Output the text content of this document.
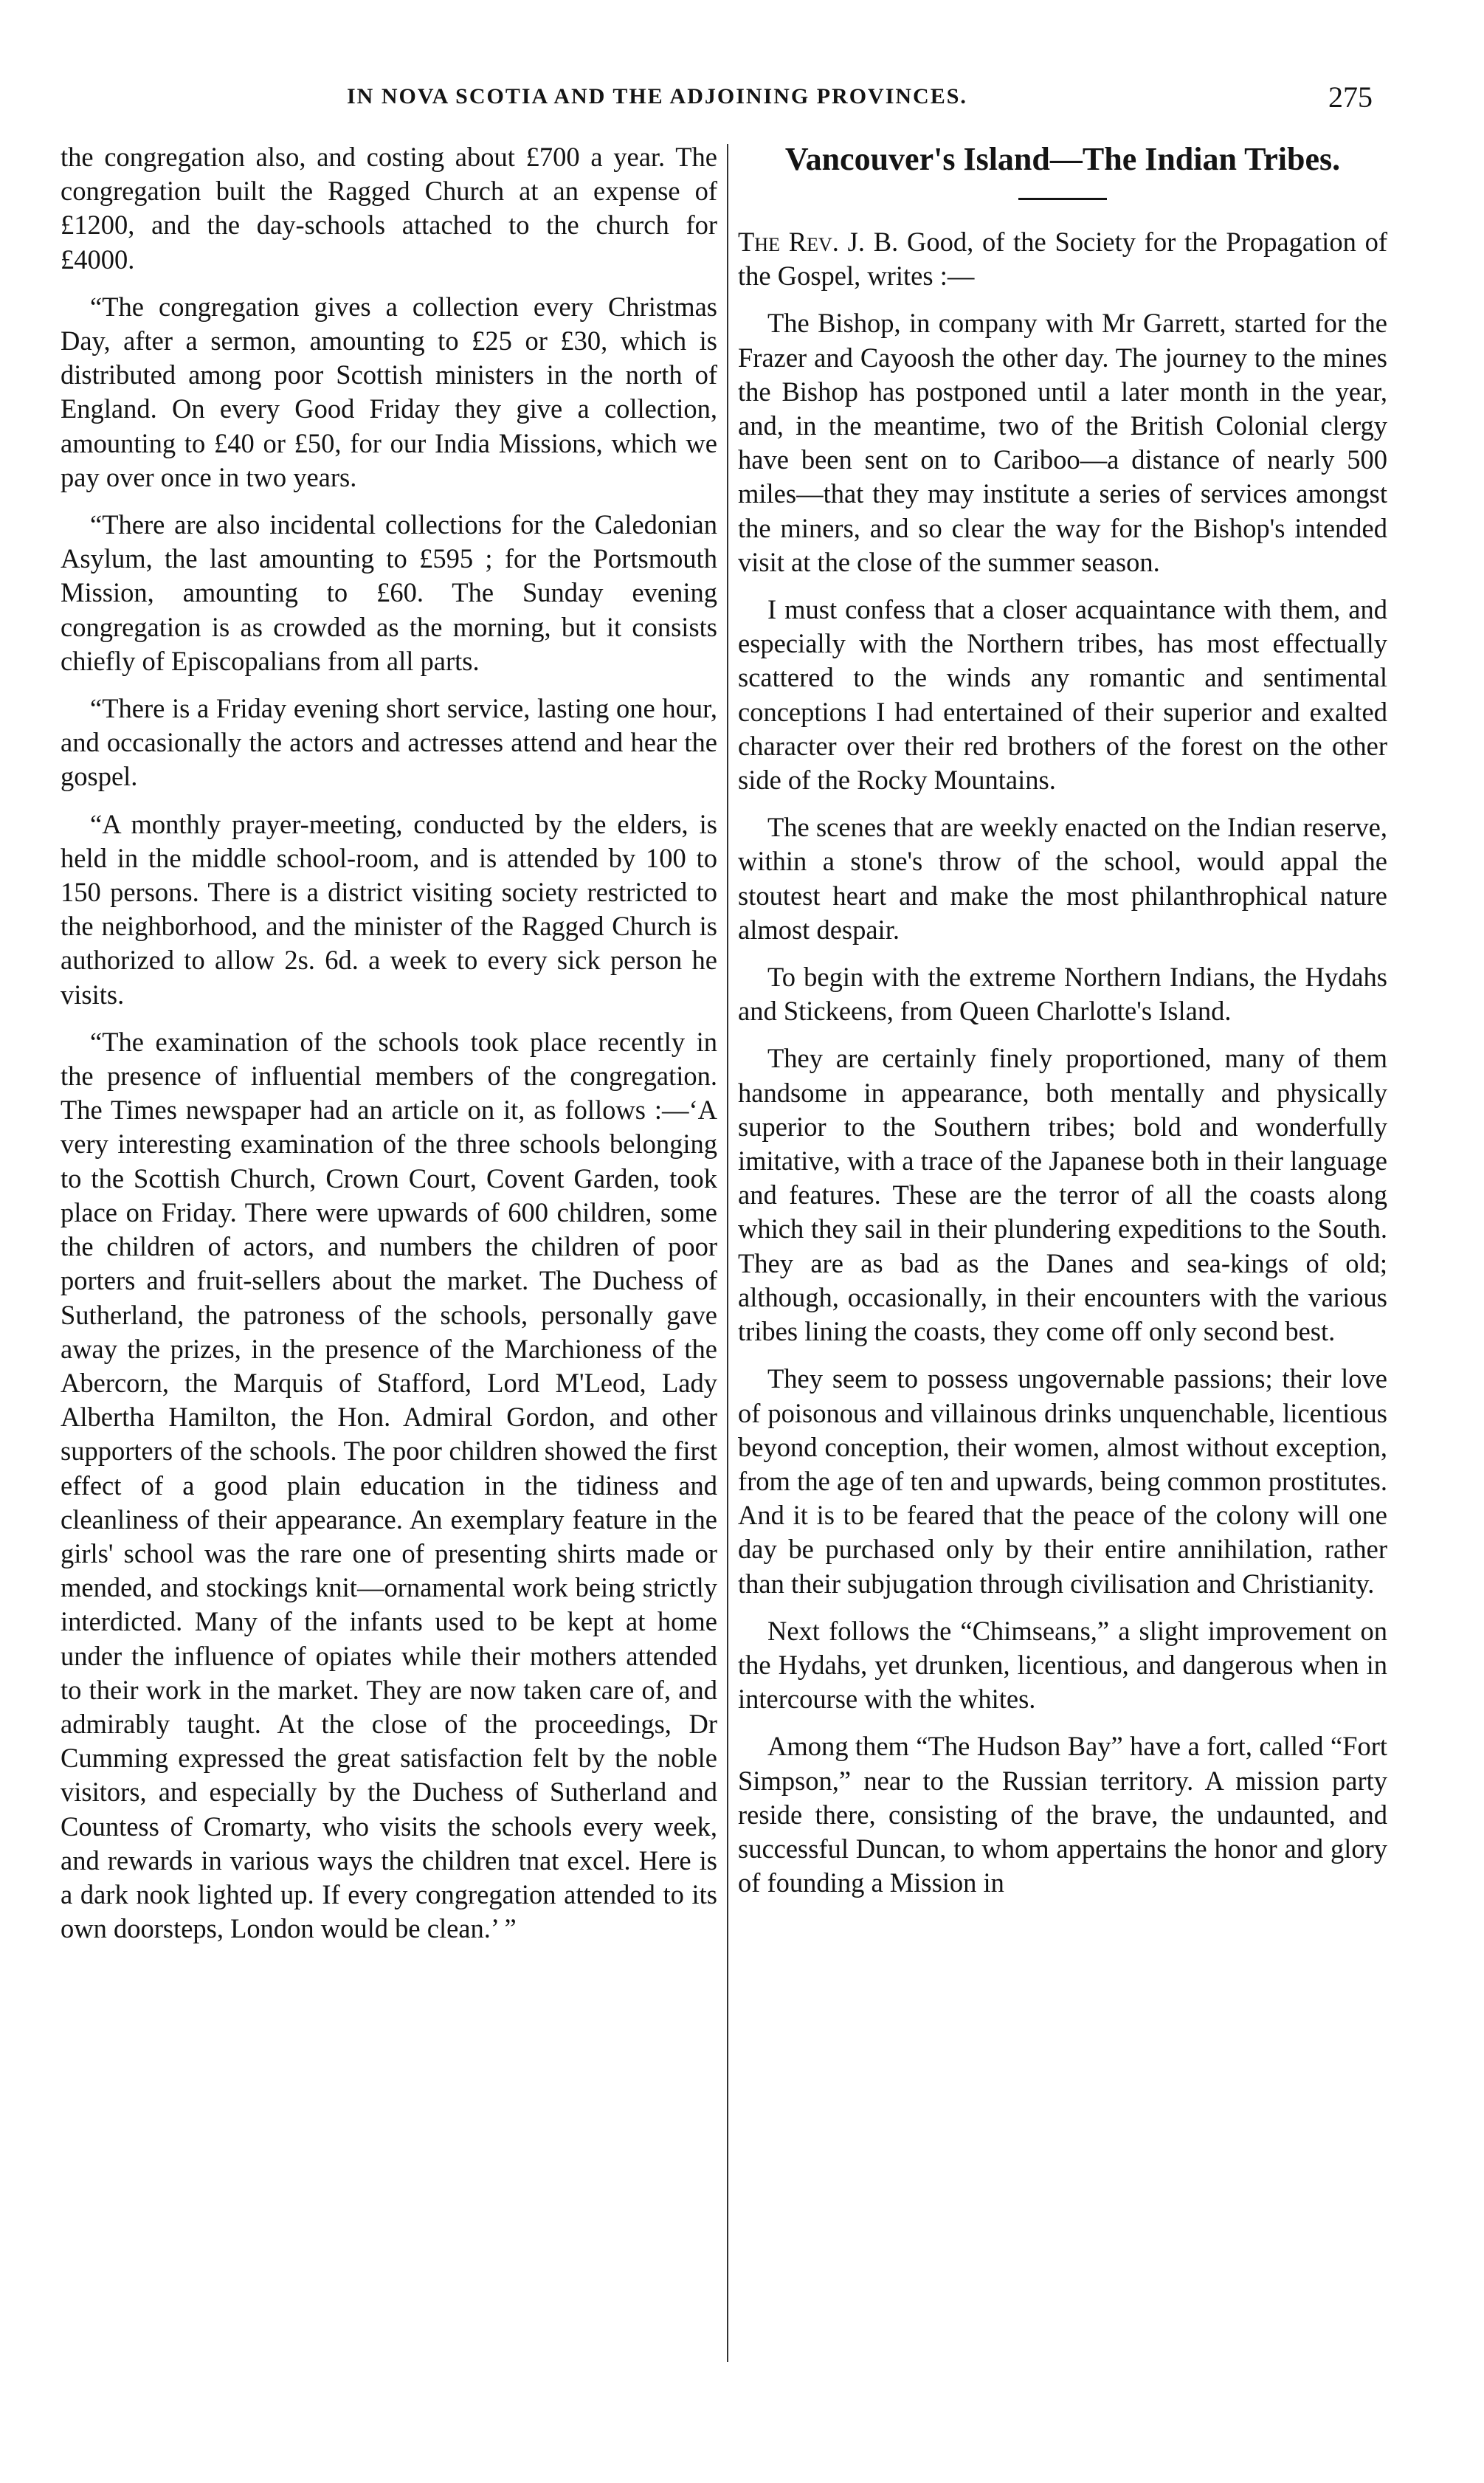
IN NOVA SCOTIA AND THE ADJOINING PROVINCES.	275

the congregation also, and costing about £700 a year. The congregation built the Ragged Church at an expense of £1200, and the day-schools attached to the church for £4000.

“The congregation gives a collection every Christmas Day, after a sermon, amounting to £25 or £30, which is distributed among poor Scottish ministers in the north of England. On every Good Friday they give a collection, amounting to £40 or £50, for our India Missions, which we pay over once in two years.

“There are also incidental collections for the Caledonian Asylum, the last amounting to £595 ; for the Portsmouth Mission, amounting to £60. The Sunday evening congregation is as crowded as the morning, but it consists chiefly of Episcopalians from all parts.

“There is a Friday evening short service, lasting one hour, and occasionally the actors and actresses attend and hear the gospel.

“A monthly prayer-meeting, conducted by the elders, is held in the middle school-room, and is attended by 100 to 150 persons. There is a district visiting society restricted to the neighborhood, and the minister of the Ragged Church is authorized to allow 2s. 6d. a week to every sick person he visits.

“The examination of the schools took place recently in the presence of influential members of the congregation. The Times newspaper had an article on it, as follows :—‘A very interesting examination of the three schools belonging to the Scottish Church, Crown Court, Covent Garden, took place on Friday. There were upwards of 600 children, some the children of actors, and numbers the children of poor porters and fruit-sellers about the market. The Duchess of Sutherland, the patroness of the schools, personally gave away the prizes, in the presence of the Marchioness of the Abercorn, the Marquis of Stafford, Lord M'Leod, Lady Albertha Hamilton, the Hon. Admiral Gordon, and other supporters of the schools. The poor children showed the first effect of a good plain education in the tidiness and cleanliness of their appearance. An exemplary feature in the girls' school was the rare one of presenting shirts made or mended, and stockings knit—ornamental work being strictly interdicted. Many of the infants used to be kept at home under the influence of opiates while their mothers attended to their work in the market. They are now taken care of, and admirably taught. At the close of the proceedings, Dr Cumming expressed the great satisfaction felt by the noble visitors, and especially by the Duchess of Sutherland and Countess of Cromarty, who visits the schools every week, and rewards in various ways the children tnat excel. Here is a dark nook lighted up. If every congregation attended to its own doorsteps, London would be clean.’ ”

Vancouver's Island—The Indian Tribes.

The Rev. J. B. Good, of the Society for the Propagation of the Gospel, writes :—

The Bishop, in company with Mr Garrett, started for the Frazer and Cayoosh the other day. The journey to the mines the Bishop has postponed until a later month in the year, and, in the meantime, two of the British Colonial clergy have been sent on to Cariboo—a distance of nearly 500 miles—that they may institute a series of services amongst the miners, and so clear the way for the Bishop's intended visit at the close of the summer season.

I must confess that a closer acquaintance with them, and especially with the Northern tribes, has most effectually scattered to the winds any romantic and sentimental conceptions I had entertained of their superior and exalted character over their red brothers of the forest on the other side of the Rocky Mountains.

The scenes that are weekly enacted on the Indian reserve, within a stone's throw of the school, would appal the stoutest heart and make the most philanthrophical nature almost despair.

To begin with the extreme Northern Indians, the Hydahs and Stickeens, from Queen Charlotte's Island.

They are certainly finely proportioned, many of them handsome in appearance, both mentally and physically superior to the Southern tribes; bold and wonderfully imitative, with a trace of the Japanese both in their language and features. These are the terror of all the coasts along which they sail in their plundering expeditions to the South. They are as bad as the Danes and sea-kings of old; although, occasionally, in their encounters with the various tribes lining the coasts, they come off only second best.

They seem to possess ungovernable passions; their love of poisonous and villainous drinks unquenchable, licentious beyond conception, their women, almost without exception, from the age of ten and upwards, being common prostitutes. And it is to be feared that the peace of the colony will one day be purchased only by their entire annihilation, rather than their subjugation through civilisation and Christianity.

Next follows the “Chimseans,” a slight improvement on the Hydahs, yet drunken, licentious, and dangerous when in intercourse with the whites.

Among them “The Hudson Bay” have a fort, called “Fort Simpson,” near to the Russian territory. A mission party reside there, consisting of the brave, the undaunted, and successful Duncan, to whom appertains the honor and glory of founding a Mission in
